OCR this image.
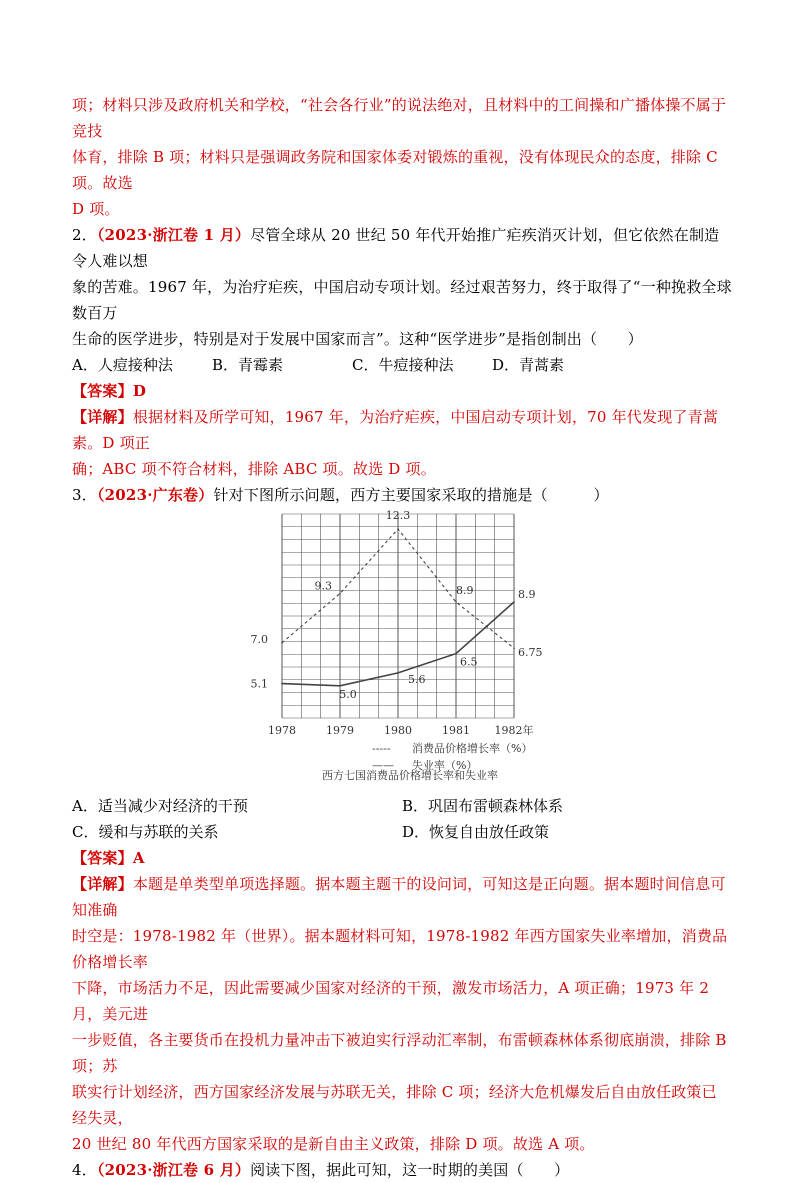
项；材料只涉及政府机关和学校，“社会各行业”的说法绝对，且材料中的工间操和广播体操不属于竞技

体育，排除 B 项；材料只是强调政务院和国家体委对锻炼的重视，没有体现民众的态度，排除 C 项。故选

D 项。

2．（2023·浙江卷 1 月）尽管全球从 20 世纪 50 年代开始推广疟疾消灭计划，但它依然在制造令人难以想

象的苦难。1967 年，为治疗疟疾，中国启动专项计划。经过艰苦努力，终于取得了“一种挽救全球数百万

生命的医学进步，特别是对于发展中国家而言”。这种“医学进步”是指创制出（　　）

A．人痘接种法	B．青霉素	C．牛痘接种法	D．青蒿素

【答案】D

【详解】根据材料及所学可知，1967 年，为治疗疟疾，中国启动专项计划，70 年代发现了青蒿素。D 项正

确；ABC 项不符合材料，排除 ABC 项。故选 D 项。

3．（2023·广东卷）针对下图所示问题，西方主要国家采取的措施是（　　　）

7.0
9.3
12.3
8.9
6.75
5.1
5.0
5.6
6.5
8.9
1978	1979	1980	1981 1982年
----- 消费品价格增长率（%）
—— 失业率（%）
西方七国消费品价格增长率和失业率
A．适当减少对经济的干预	B．巩固布雷顿森林体系
C．缓和与苏联的关系	D．恢复自由放任政策

【答案】A

【详解】本题是单类型单项选择题。据本题主题干的设问词，可知这是正向题。据本题时间信息可知准确

时空是：1978-1982 年（世界）。据本题材料可知，1978-1982 年西方国家失业率增加，消费品价格增长率

下降，市场活力不足，因此需要减少国家对经济的干预，激发市场活力，A 项正确；1973 年 2 月，美元进

一步贬值，各主要货币在投机力量冲击下被迫实行浮动汇率制，布雷顿森林体系彻底崩溃，排除 B 项；苏

联实行计划经济，西方国家经济发展与苏联无关，排除 C 项；经济大危机爆发后自由放任政策已经失灵，

20 世纪 80 年代西方国家采取的是新自由主义政策，排除 D 项。故选 A 项。

4．（2023·浙江卷 6 月）阅读下图，据此可知，这一时期的美国（　　）
